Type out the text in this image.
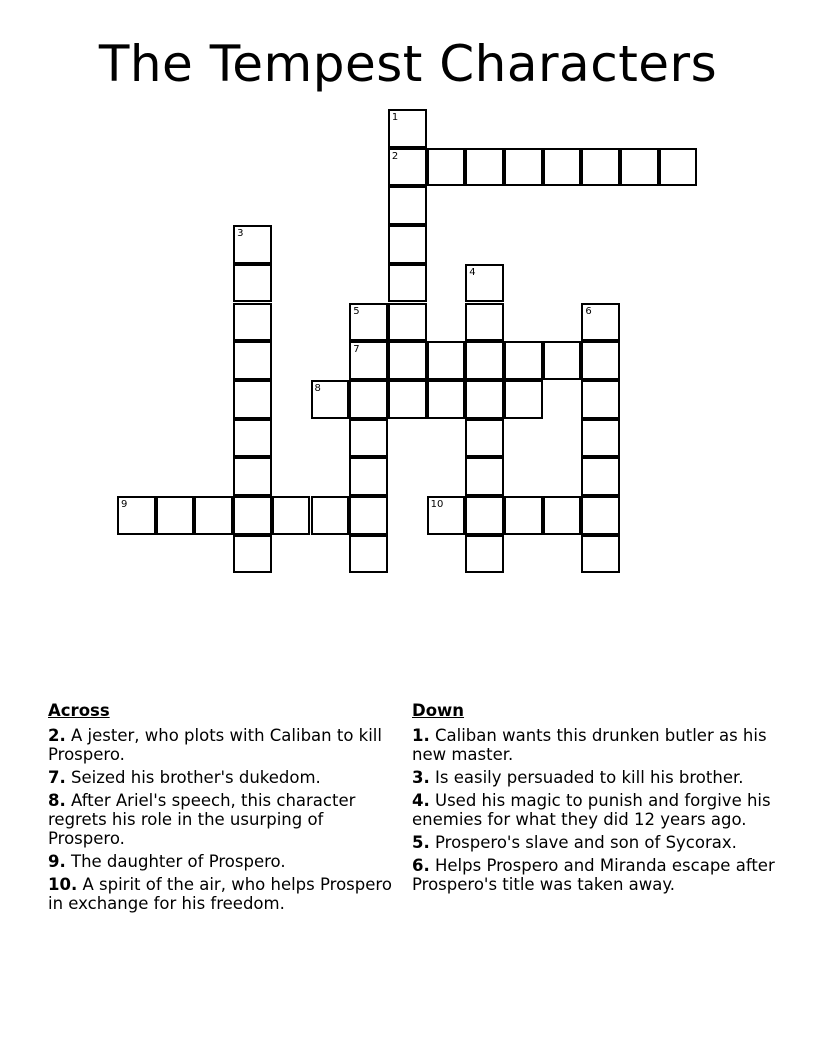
The Tempest Characters
1
2
3
4
5
7
6
8
9	10
Across
2. A jester, who plots with Caliban to kill Prospero.
7. Seized his brother's dukedom.
8. After Ariel's speech, this character regrets his role in the usurping of Prospero.
9. The daughter of Prospero.
10. A spirit of the air, who helps Prospero in exchange for his freedom.
Down
1. Caliban wants this drunken butler as his new master.
3. Is easily persuaded to kill his brother.
4. Used his magic to punish and forgive his enemies for what they did 12 years ago.
5. Prospero's slave and son of Sycorax.
6. Helps Prospero and Miranda escape after Prospero's title was taken away.
